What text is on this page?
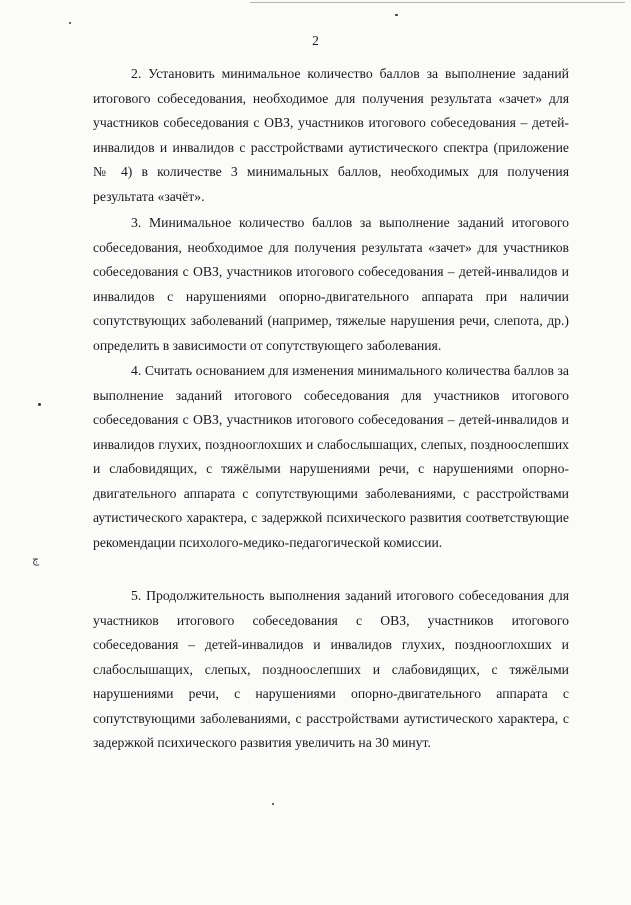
ڄ
2

2. Установить минимальное количество баллов за выполнение заданий итогового собеседования, необходимое для получения результата «зачет» для участников собеседования с ОВЗ, участников итогового собеседования – детей-инвалидов и инвалидов с расстройствами аутистического спектра (приложение № 4) в количестве 3 минимальных баллов, необходимых для получения результата «зачёт».

3. Минимальное количество баллов за выполнение заданий итогового собеседования, необходимое для получения результата «зачет» для участников собеседования с ОВЗ, участников итогового собеседования – детей-инвалидов и инвалидов с нарушениями опорно-двигательного аппарата при наличии сопутствующих заболеваний (например, тяжелые нарушения речи, слепота, др.) определить в зависимости от сопутствующего заболевания.

4. Считать основанием для изменения минимального количества баллов за выполнение заданий итогового собеседования для участников итогового собеседования с ОВЗ, участников итогового собеседования – детей-инвалидов и инвалидов глухих, позднооглохших и слабослышащих, слепых, поздноослепших и слабовидящих, с тяжёлыми нарушениями речи, с нарушениями опорно-двигательного аппарата с сопутствующими заболеваниями, с расстройствами аутистического характера, с задержкой психического развития соответствующие рекомендации психолого-медико-педагогической комиссии.

5. Продолжительность выполнения заданий итогового собеседования для участников итогового собеседования с ОВЗ, участников итогового собеседования – детей-инвалидов и инвалидов глухих, позднооглохших и слабослышащих, слепых, поздноослепших и слабовидящих, с тяжёлыми нарушениями речи, с нарушениями опорно-двигательного аппарата с сопутствующими заболеваниями, с расстройствами аутистического характера, с задержкой психического развития увеличить на 30 минут.
